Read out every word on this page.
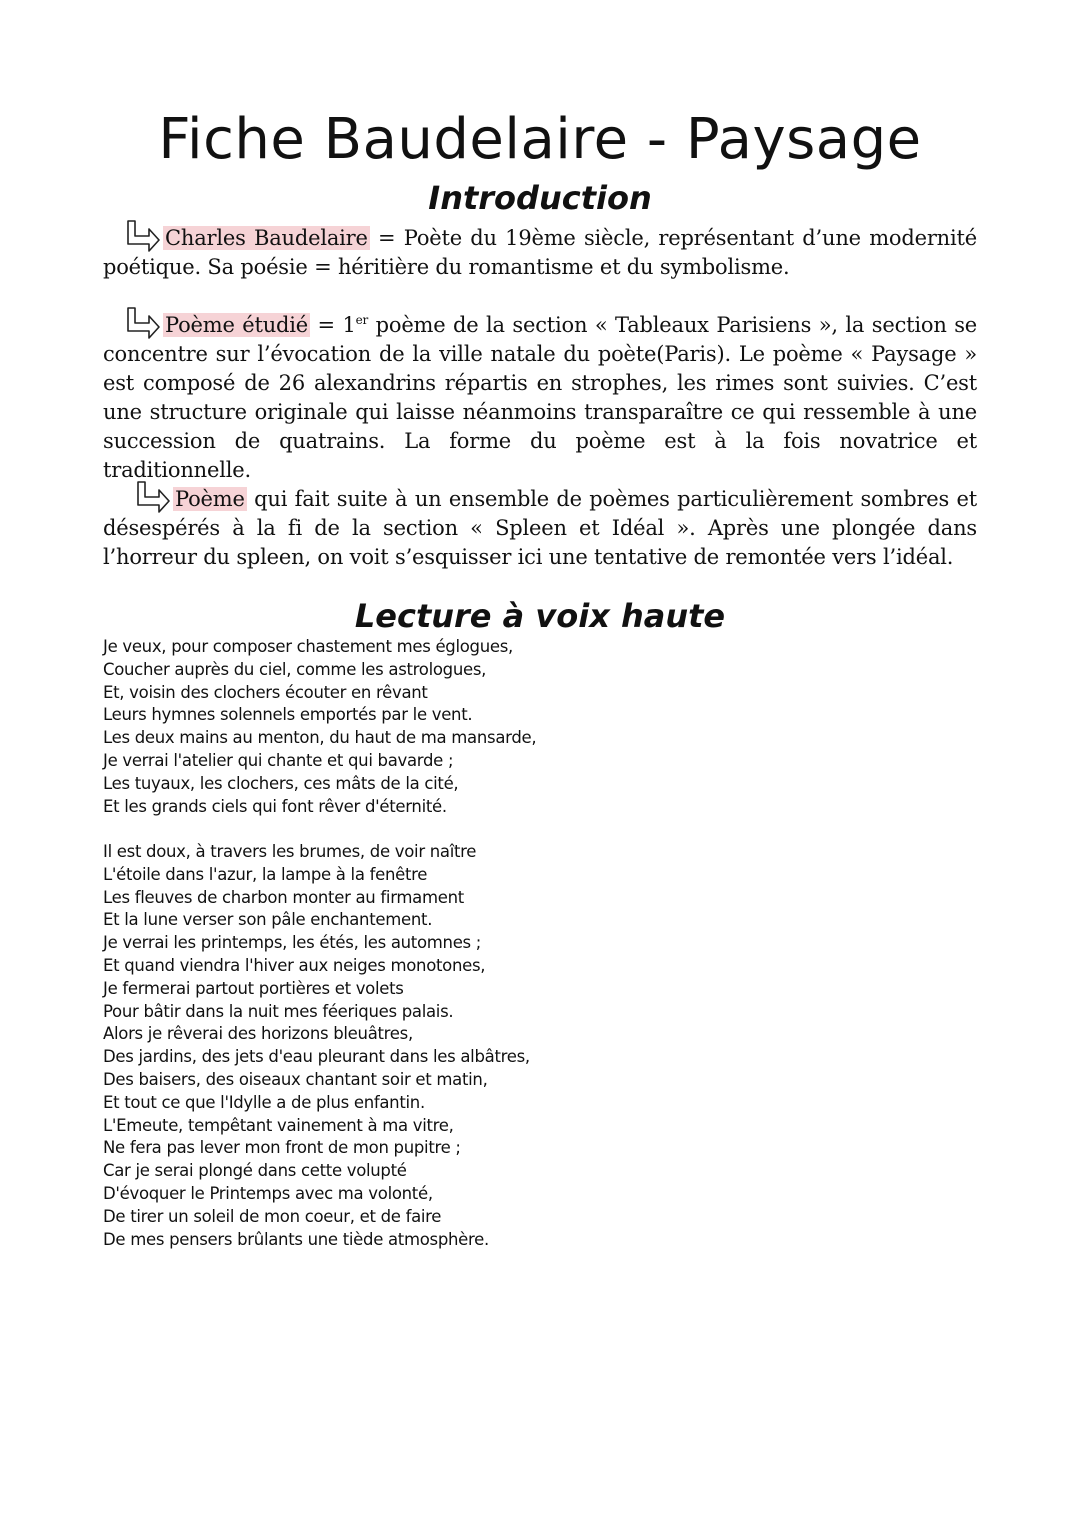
Fiche Baudelaire - Paysage
Introduction

Charles Baudelaire = Poète du 19ème siècle, représentant d’une modernité poétique. Sa poésie = héritière du romantisme et du symbolisme.

Poème étudié = 1er poème de la section « Tableaux Parisiens », la section se concentre sur l’évocation de la ville natale du poète(Paris). Le poème « Paysage » est composé de 26 alexandrins répartis en strophes, les rimes sont suivies. C’est une structure originale qui laisse néanmoins transparaître ce qui ressemble à une succession de quatrains. La forme du poème est à la fois novatrice et traditionnelle.

Poème qui fait suite à un ensemble de poèmes particulièrement sombres et désespérés à la fi de la section « Spleen et Idéal ». Après une plongée dans l’horreur du spleen, on voit s’esquisser ici une tentative de remontée vers l’idéal.

Lecture à voix haute
Je veux, pour composer chastement mes églogues,
Coucher auprès du ciel, comme les astrologues,
Et, voisin des clochers écouter en rêvant
Leurs hymnes solennels emportés par le vent.
Les deux mains au menton, du haut de ma mansarde,
Je verrai l'atelier qui chante et qui bavarde ;
Les tuyaux, les clochers, ces mâts de la cité,
Et les grands ciels qui font rêver d'éternité.
Il est doux, à travers les brumes, de voir naître
L'étoile dans l'azur, la lampe à la fenêtre
Les fleuves de charbon monter au firmament
Et la lune verser son pâle enchantement.
Je verrai les printemps, les étés, les automnes ;
Et quand viendra l'hiver aux neiges monotones,
Je fermerai partout portières et volets
Pour bâtir dans la nuit mes féeriques palais.
Alors je rêverai des horizons bleuâtres,
Des jardins, des jets d'eau pleurant dans les albâtres,
Des baisers, des oiseaux chantant soir et matin,
Et tout ce que l'Idylle a de plus enfantin.
L'Emeute, tempêtant vainement à ma vitre,
Ne fera pas lever mon front de mon pupitre ;
Car je serai plongé dans cette volupté
D'évoquer le Printemps avec ma volonté,
De tirer un soleil de mon coeur, et de faire
De mes pensers brûlants une tiède atmosphère.
